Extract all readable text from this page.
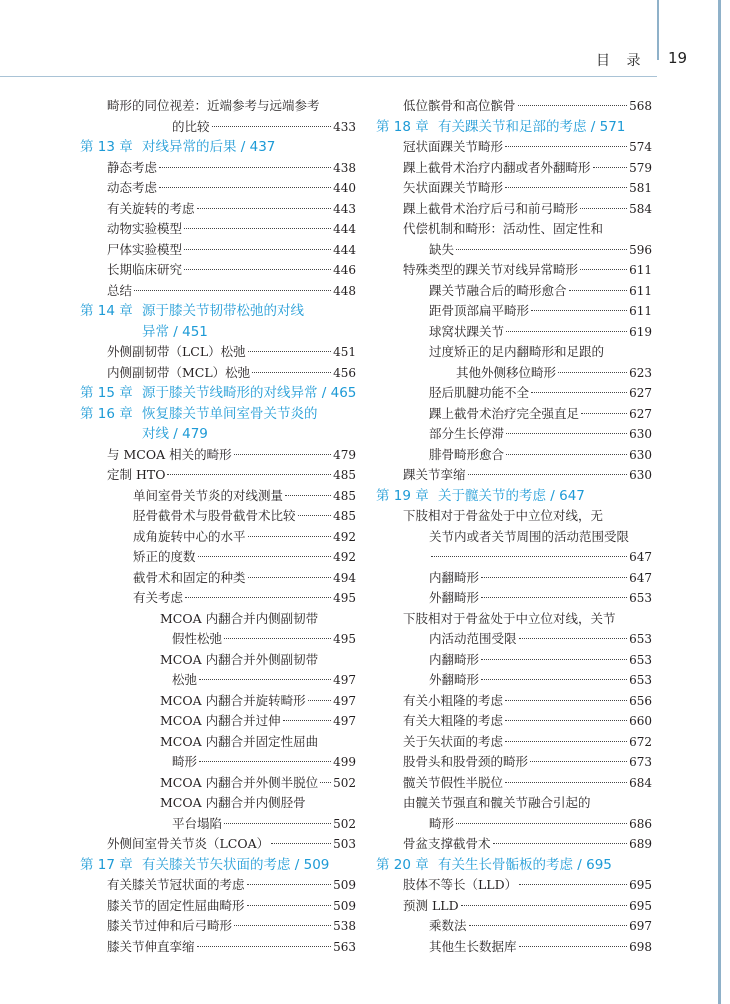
目 录 19
畸形的同位视差：近端参考与远端参考
的比较	433
第 13 章 对线异常的后果 / 437
静态考虑	438
动态考虑	440
有关旋转的考虑	443
动物实验模型	444
尸体实验模型	444
长期临床研究	446
总结	448
第 14 章 源于膝关节韧带松弛的对线
异常 / 451
外侧副韧带（LCL）松弛	451
内侧副韧带（MCL）松弛	456
第 15 章 源于膝关节线畸形的对线异常 / 465
第 16 章 恢复膝关节单间室骨关节炎的
对线 / 479
与 MCOA 相关的畸形	479
定制 HTO	485
单间室骨关节炎的对线测量	485
胫骨截骨术与股骨截骨术比较	485
成角旋转中心的水平	492
矫正的度数	492
截骨术和固定的种类	494
有关考虑	495
MCOA 内翻合并内侧副韧带
假性松弛	495
MCOA 内翻合并外侧副韧带
松弛	497
MCOA 内翻合并旋转畸形 497
MCOA 内翻合并过伸	497
MCOA 内翻合并固定性屈曲
畸形	499
MCOA 内翻合并外侧半脱位 502
MCOA 内翻合并内侧胫骨
平台塌陷	502
外侧间室骨关节炎（LCOA）	503
第 17 章 有关膝关节矢状面的考虑 / 509
有关膝关节冠状面的考虑	509
膝关节的固定性屈曲畸形	509
膝关节过伸和后弓畸形	538
膝关节伸直挛缩	563
低位髌骨和高位髌骨	568
第 18 章 有关踝关节和足部的考虑 / 571
冠状面踝关节畸形	574
踝上截骨术治疗内翻或者外翻畸形	579
矢状面踝关节畸形	581
踝上截骨术治疗后弓和前弓畸形	584
代偿机制和畸形：活动性、固定性和
缺失	596
特殊类型的踝关节对线异常畸形	611
踝关节融合后的畸形愈合	611
距骨顶部扁平畸形	611
球窝状踝关节	619
过度矫正的足内翻畸形和足跟的
其他外侧移位畸形	623
胫后肌腱功能不全	627
踝上截骨术治疗完全强直足	627
部分生长停滞	630
腓骨畸形愈合	630
踝关节挛缩	630
第 19 章 关于髋关节的考虑 / 647
下肢相对于骨盆处于中立位对线，无
关节内或者关节周围的活动范围受限
647
内翻畸形	647
外翻畸形	653
下肢相对于骨盆处于中立位对线，关节
内活动范围受限	653
内翻畸形	653
外翻畸形	653
有关小粗隆的考虑	656
有关大粗隆的考虑	660
关于矢状面的考虑	672
股骨头和股骨颈的畸形	673
髋关节假性半脱位	684
由髋关节强直和髋关节融合引起的
畸形	686
骨盆支撑截骨术	689
第 20 章 有关生长骨骺板的考虑 / 695
肢体不等长（LLD）	695
预测 LLD	695
乘数法	697
其他生长数据库	698
